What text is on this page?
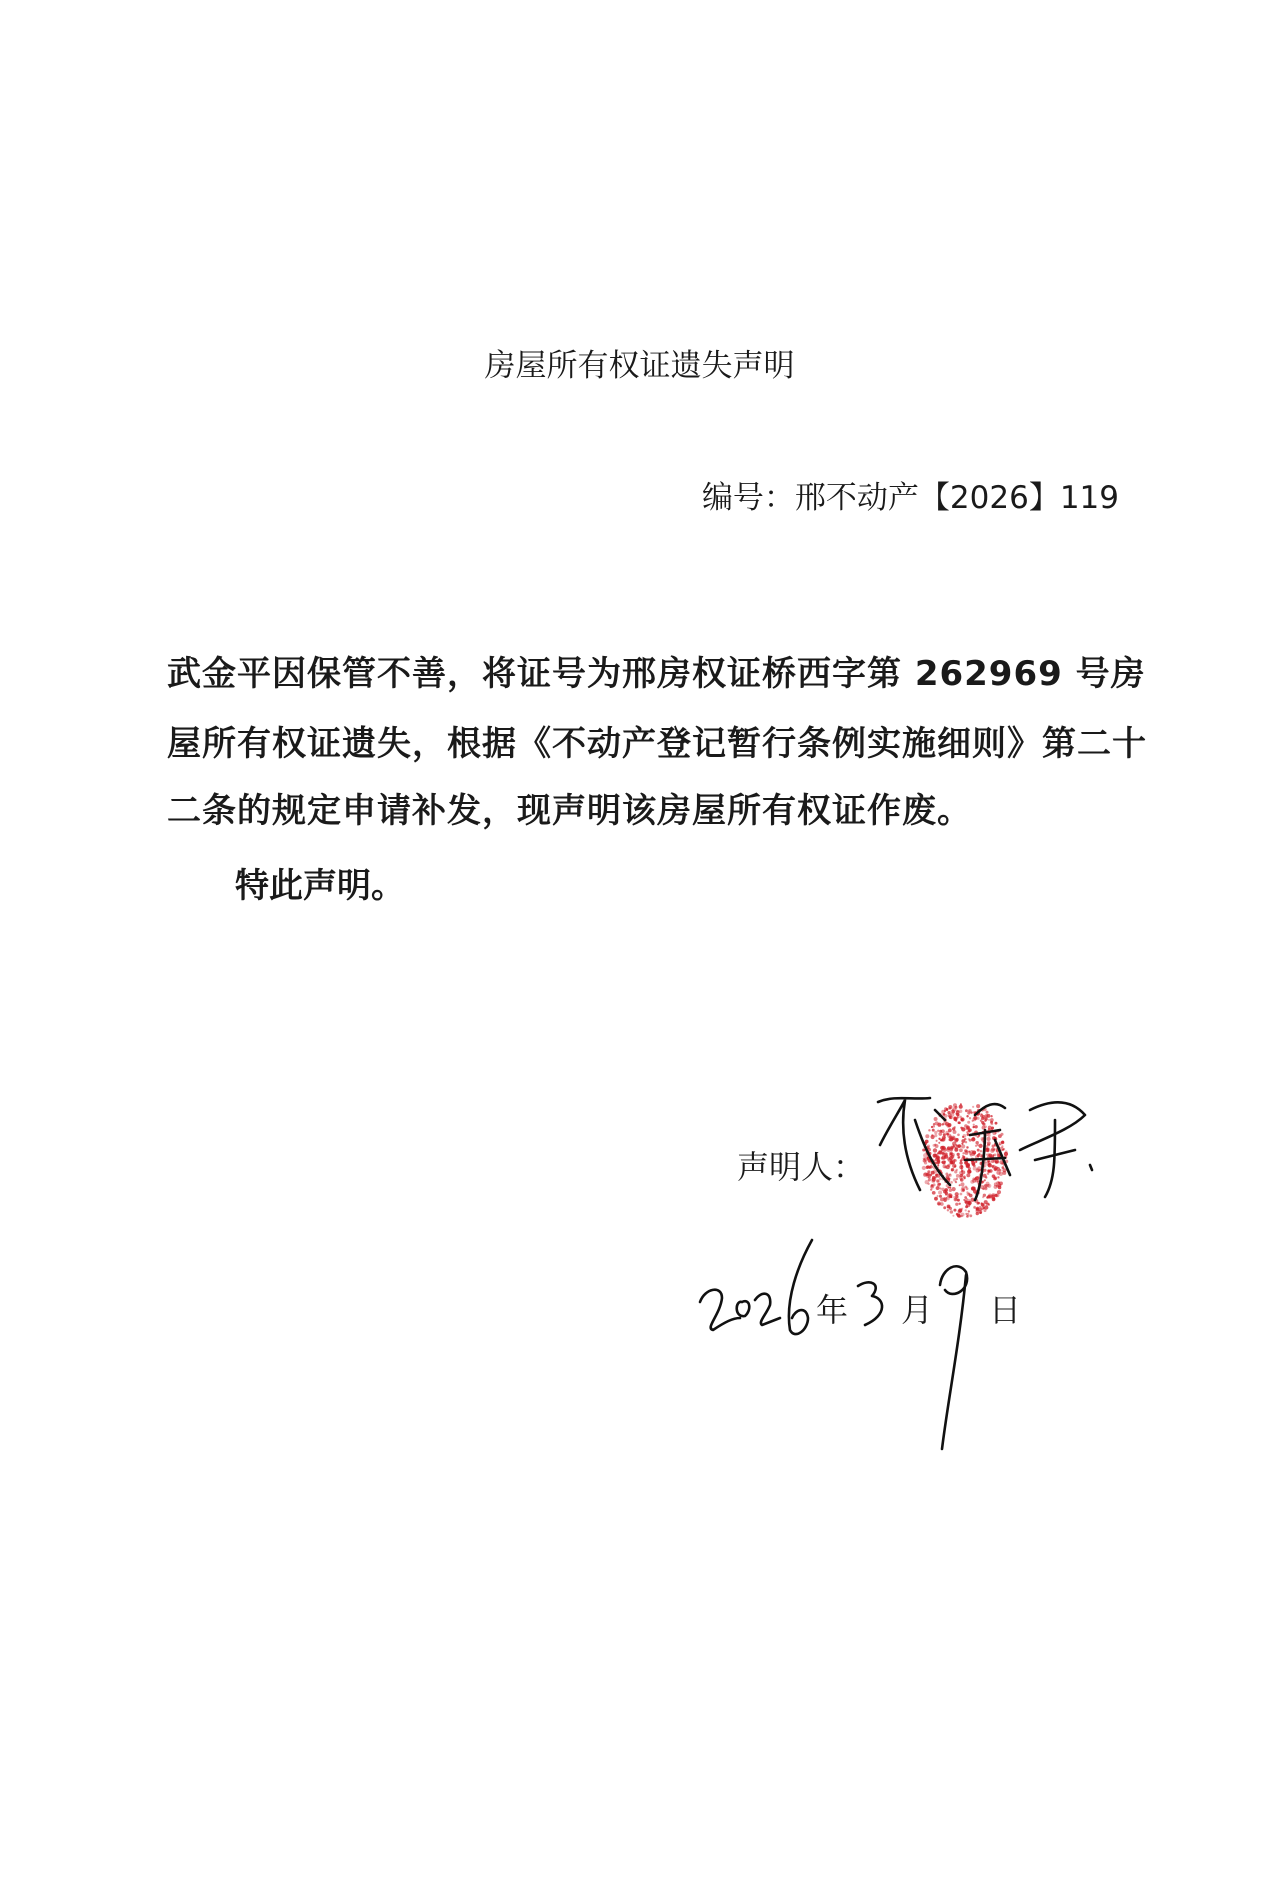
房屋所有权证遗失声明
编号：邢不动产【2026】119
武金平因保管不善，将证号为邢房权证桥西字第 262969 号房
屋所有权证遗失，根据《不动产登记暂行条例实施细则》第二十
二条的规定申请补发，现声明该房屋所有权证作废。
特此声明。
声明人：
年 月 日
2026	3	9
